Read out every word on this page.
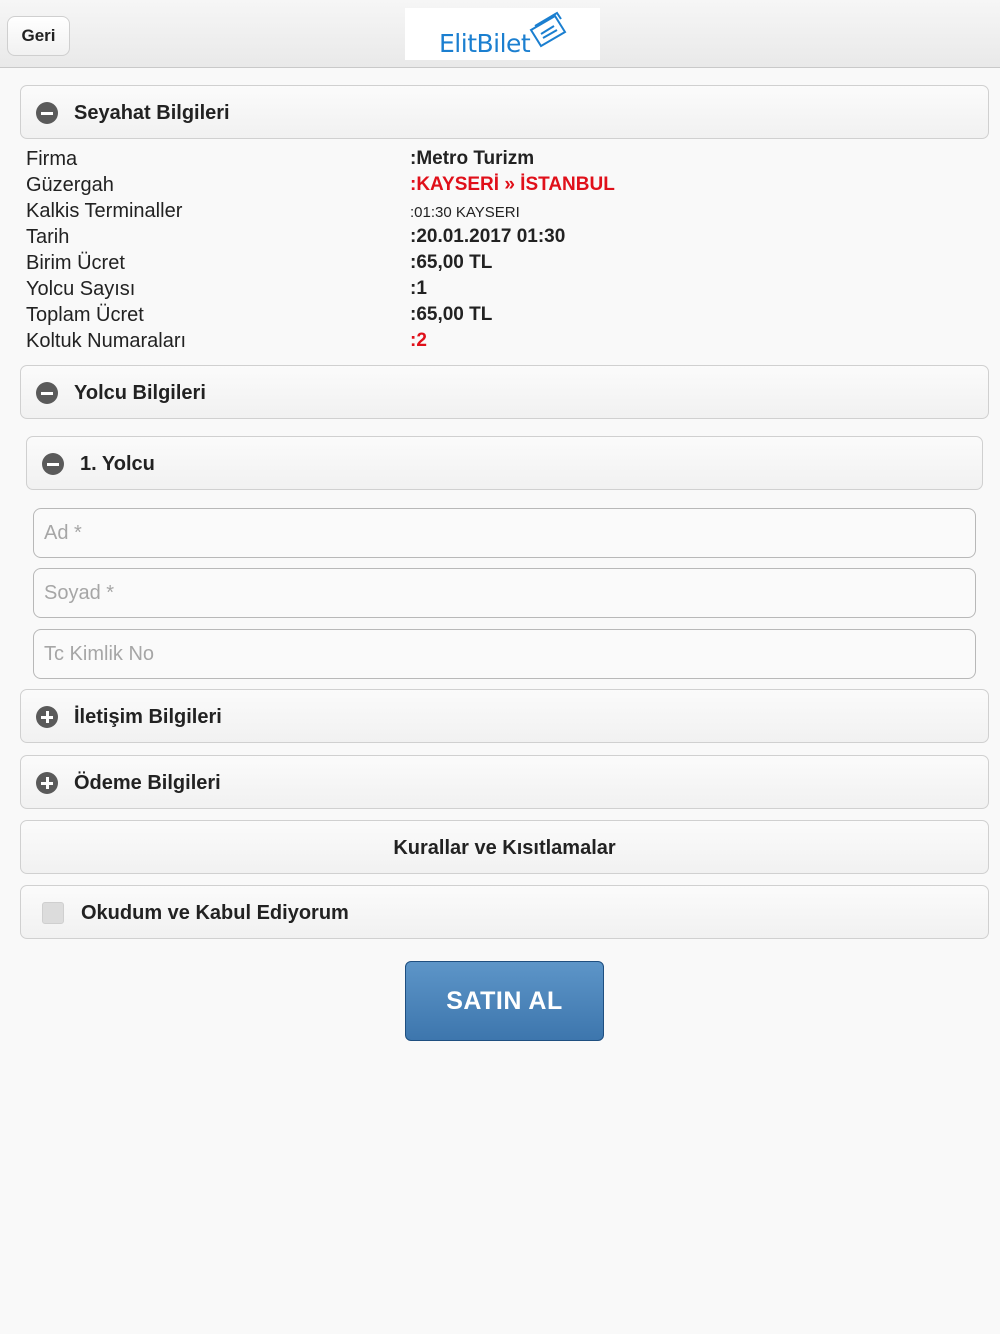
Geri	ElitBilet
Seyahat Bilgileri
Firma	:Metro Turizm
Güzergah	:KAYSERİ » İSTANBUL
Kalkis Terminaller	:01:30 KAYSERI
Tarih	:20.01.2017 01:30
Birim Ücret	:65,00 TL
Yolcu Sayısı	:1
Toplam Ücret	:65,00 TL
Koltuk Numaraları	:2
Yolcu Bilgileri
1. Yolcu
Ad *
Soyad *
Tc Kimlik No
İletişim Bilgileri
Ödeme Bilgileri
Kurallar ve Kısıtlamalar
Okudum ve Kabul Ediyorum
SATIN AL
